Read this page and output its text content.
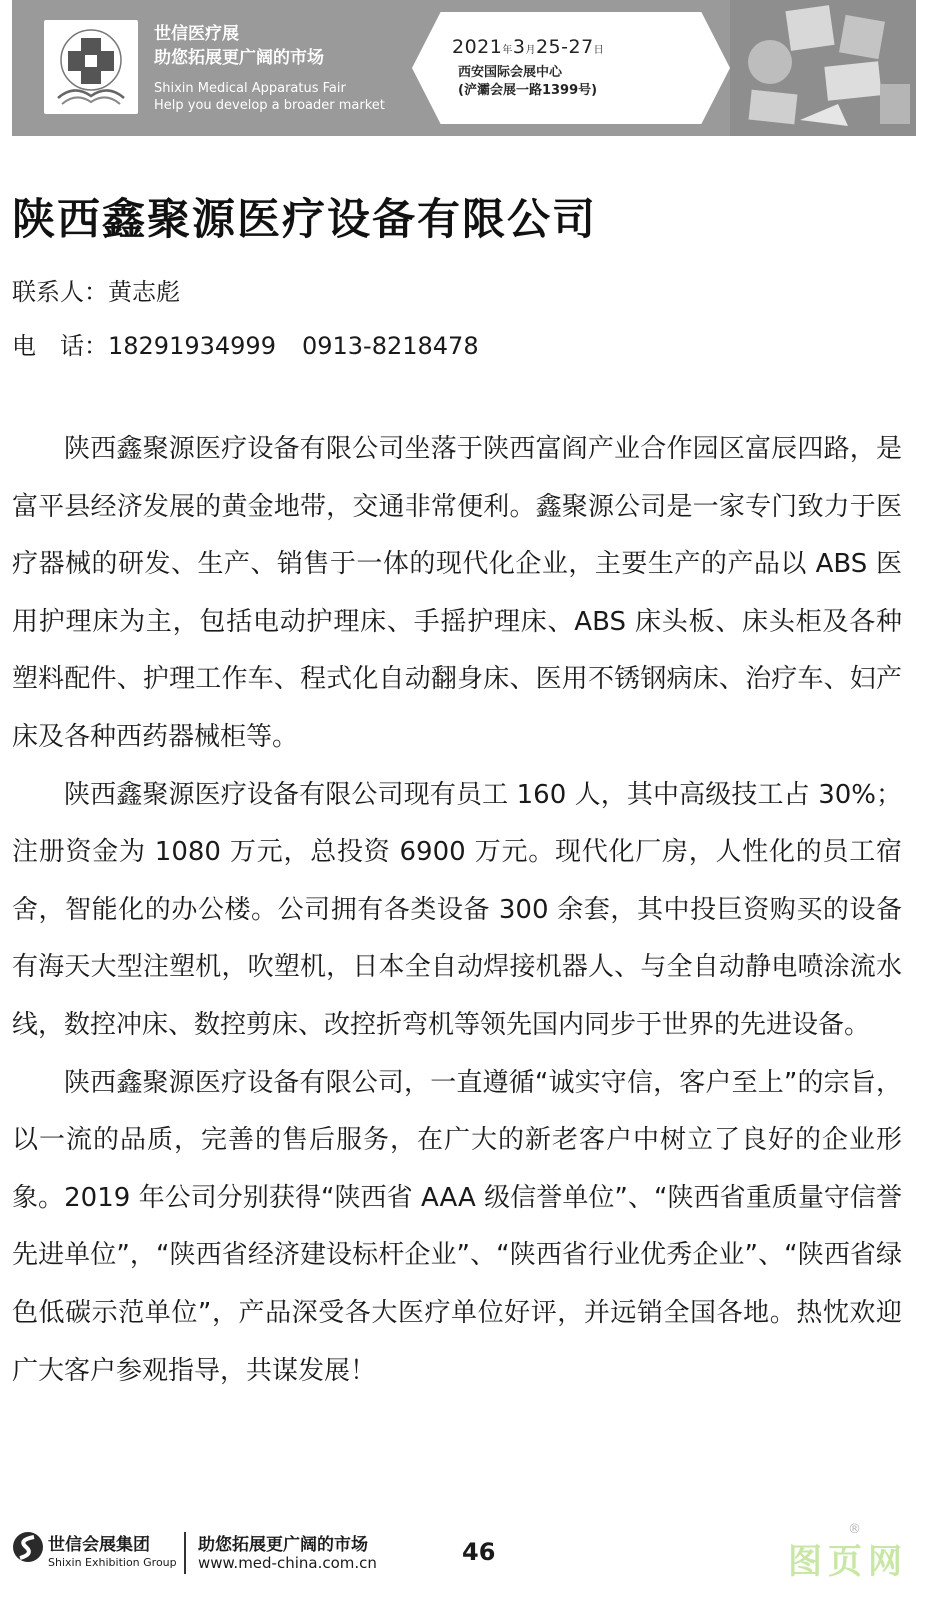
世信医疗展
助您拓展更广阔的市场
Shixin Medical Apparatus Fair
Help you develop a broader market
2021年3月25-27日
西安国际会展中心
(浐灞会展一路1399号)
陕西鑫聚源医疗设备有限公司
联系人：黄志彪
电　话：18291934999 0913-8218478

陕西鑫聚源医疗设备有限公司坐落于陕西富阎产业合作园区富辰四路，是富平县经济发展的黄金地带，交通非常便利。鑫聚源公司是一家专门致力于医疗器械的研发、生产、销售于一体的现代化企业，主要生产的产品以 ABS 医用护理床为主，包括电动护理床、手摇护理床、ABS 床头板、床头柜及各种塑料配件、护理工作车、程式化自动翻身床、医用不锈钢病床、治疗车、妇产床及各种西药器械柜等。

陕西鑫聚源医疗设备有限公司现有员工 160 人，其中高级技工占 30%；注册资金为 1080 万元，总投资 6900 万元。现代化厂房，人性化的员工宿舍，智能化的办公楼。公司拥有各类设备 300 余套，其中投巨资购买的设备有海天大型注塑机，吹塑机，日本全自动焊接机器人、与全自动静电喷涂流水线，数控冲床、数控剪床、改控折弯机等领先国内同步于世界的先进设备。

陕西鑫聚源医疗设备有限公司，一直遵循“诚实守信，客户至上”的宗旨，以一流的品质，完善的售后服务，在广大的新老客户中树立了良好的企业形象。2019 年公司分别获得“陕西省 AAA 级信誉单位”、“陕西省重质量守信誉先进单位”，“陕西省经济建设标杆企业”、“陕西省行业优秀企业”、“陕西省绿色低碳示范单位”，产品深受各大医疗单位好评，并远销全国各地。热忱欢迎广大客户参观指导，共谋发展！

世信会展集团
Shixin Exhibition Group
助您拓展更广阔的市场
www.med-china.com.cn	46
®
图页网
